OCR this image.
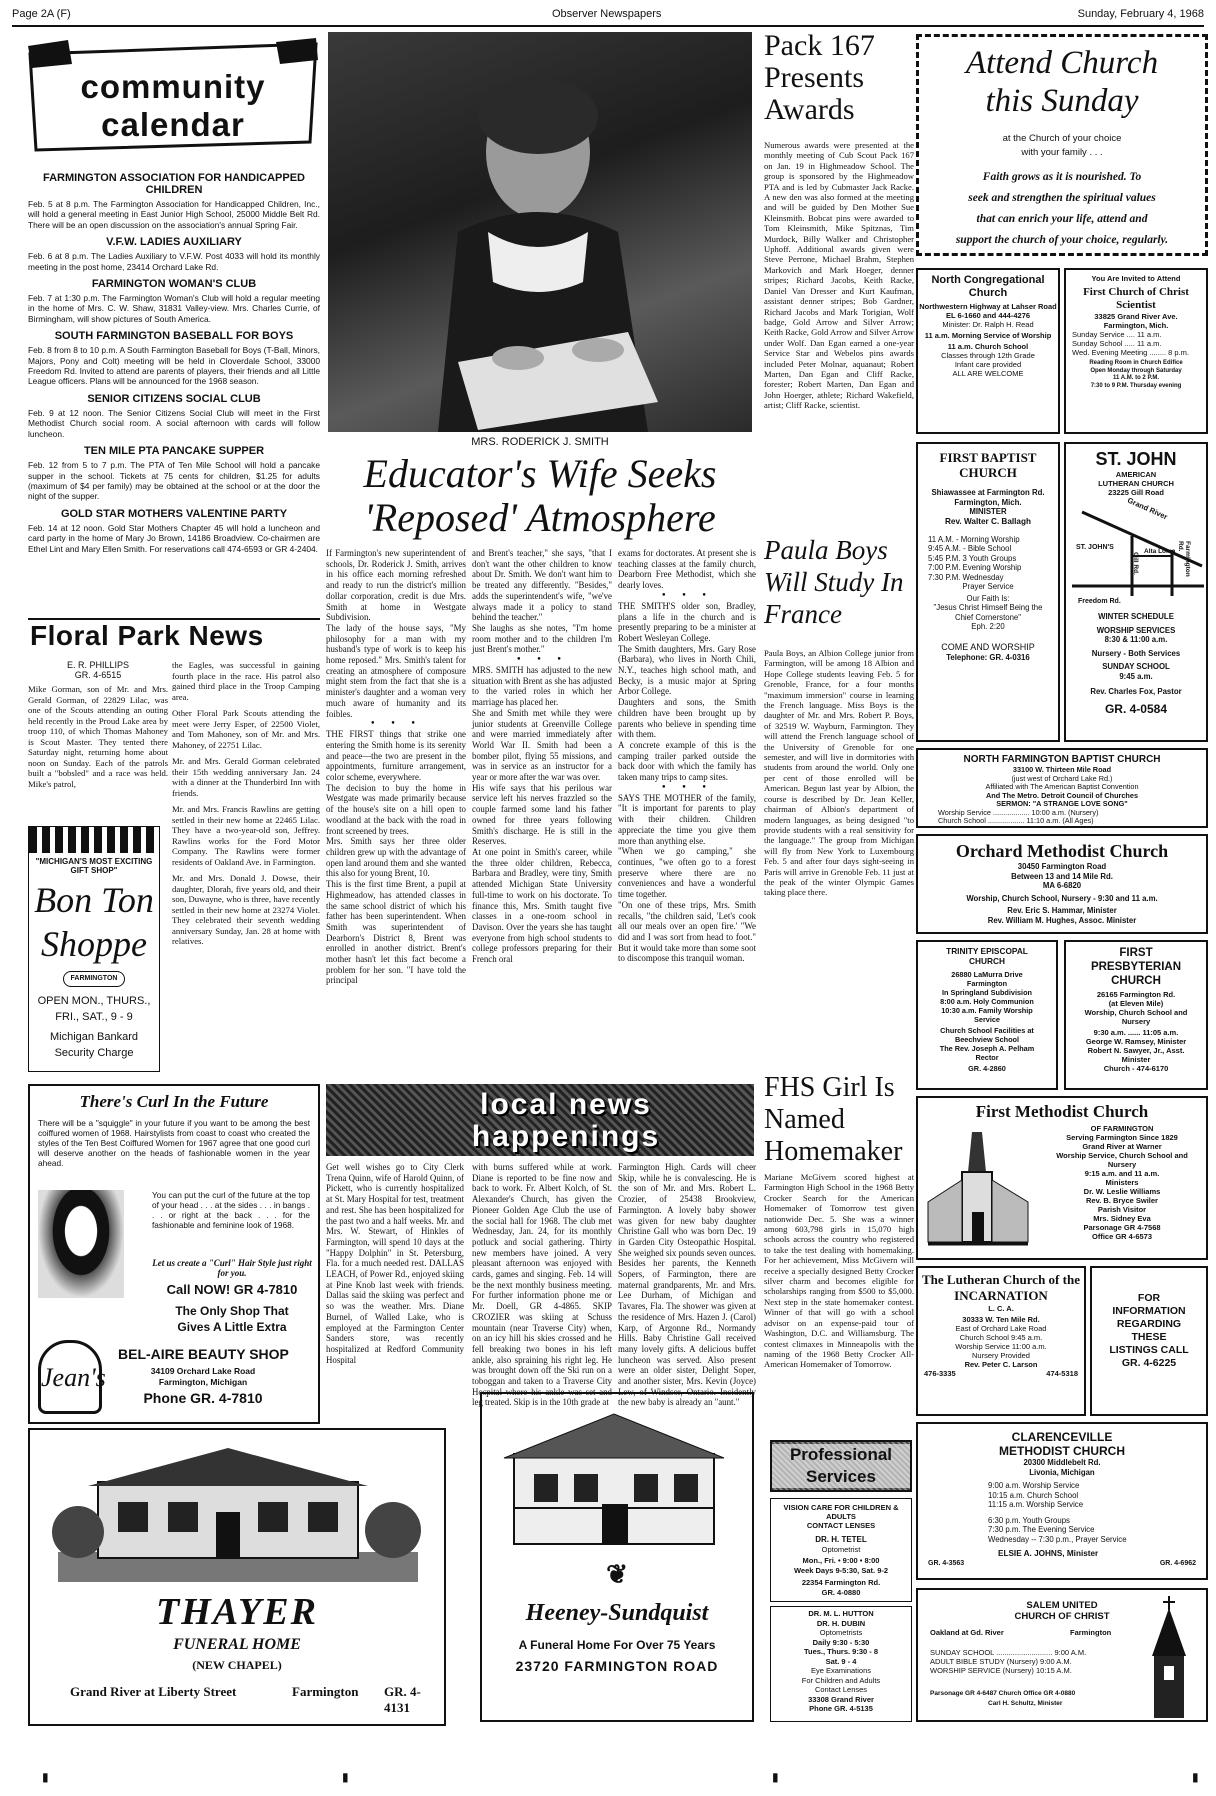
Page 2A (F)	Observer Newspapers	Sunday, February 4, 1968
community
calendar
FARMINGTON ASSOCIATION FOR HANDICAPPED CHILDREN
Feb. 5 at 8 p.m. The Farmington Association for Handicapped Children, Inc., will hold a general meeting in East Junior High School, 25000 Middle Belt Rd. There will be an open discussion on the association's annual Spring Fair.
V.F.W. LADIES AUXILIARY
Feb. 6 at 8 p.m. The Ladies Auxiliary to V.F.W. Post 4033 will hold its monthly meeting in the post home, 23414 Orchard Lake Rd.
FARMINGTON WOMAN'S CLUB
Feb. 7 at 1:30 p.m. The Farmington Woman's Club will hold a regular meeting in the home of Mrs. C. W. Shaw, 31831 Valley-view. Mrs. Charles Currie, of Birmingham, will show pictures of South America.
SOUTH FARMINGTON BASEBALL FOR BOYS
Feb. 8 from 8 to 10 p.m. A South Farmington Baseball for Boys (T-Ball, Minors, Majors, Pony and Colt) meeting will be held in Cloverdale School, 33000 Freedom Rd. Invited to attend are parents of players, their friends and all Little League officers. Plans will be announced for the 1968 season.
SENIOR CITIZENS SOCIAL CLUB
Feb. 9 at 12 noon. The Senior Citizens Social Club will meet in the First Methodist Church social room. A social afternoon with cards will follow luncheon.
TEN MILE PTA PANCAKE SUPPER
Feb. 12 from 5 to 7 p.m. The PTA of Ten Mile School will hold a pancake supper in the school. Tickets at 75 cents for children, $1.25 for adults (maximum of $4 per family) may be obtained at the school or at the door the night of the supper.
GOLD STAR MOTHERS VALENTINE PARTY
Feb. 14 at 12 noon. Gold Star Mothers Chapter 45 will hold a luncheon and card party in the home of Mary Jo Brown, 14186 Broadview. Co-chairmen are Ethel Lint and Mary Ellen Smith. For reservations call 474-6593 or GR 4-2404.
Floral Park News
E. R. PHILLIPS
GR. 4-6515
Mike Gorman, son of Mr. and Mrs. Gerald Gorman, of 22829 Lilac, was one of the Scouts attending an outing held recently in the Proud Lake area by troop 110, of which Thomas Mahoney is Scout Master. They tented there Saturday night, returning home about noon on Sunday. Each of the patrols built a "bobsled" and a race was held. Mike's patrol,
"MICHIGAN'S MOST EXCITING GIFT SHOP"
Bon Ton
Shoppe
FARMINGTON
OPEN MON., THURS.,
FRI., SAT., 9 - 9
Michigan Bankard
Security Charge
the Eagles, was successful in gaining fourth place in the race. His patrol also gained third place in the Troop Camping area.
Other Floral Park Scouts attending the meet were Jerry Esper, of 22500 Violet, and Tom Mahoney, son of Mr. and Mrs. Mahoney, of 22751 Lilac.
Mr. and Mrs. Gerald Gorman celebrated their 15th wedding anniversary Jan. 24 with a dinner at the Thunderbird Inn with friends.
Mr. and Mrs. Francis Rawlins are getting settled in their new home at 22465 Lilac. They have a two-year-old son, Jeffrey. Rawlins works for the Ford Motor Company. The Rawlins were former residents of Oakland Ave. in Farmington.
Mr. and Mrs. Donald J. Dowse, their daughter, Dlorah, five years old, and their son, Duwayne, who is three, have recently settled in their new home at 23274 Violet. They celebrated their seventh wedding anniversary Sunday, Jan. 28 at home with relatives.
There's Curl In the Future
There will be a "squiggle" in your future if you want to be among the best coiffured women of 1968. Hairstylists from coast to coast who created the styles of the Ten Best Coiffured Women for 1967 agree that one good curl will deserve another on the heads of fashionable women in the year ahead.
You can put the curl of the future at the top of your head . . . at the sides . . . in bangs . . . or right at the back . . . for the fashionable and feminine look of 1968.
Let us create a "Curl" Hair Style just right for you.
Call NOW! GR 4-7810
The Only Shop That
Gives A Little Extra
Jean's
BEL-AIRE BEAUTY SHOP
34109 Orchard Lake Road
Farmington, Michigan
Phone GR. 4-7810
THAYER
FUNERAL HOME
(NEW CHAPEL)
Grand River at Liberty Street	Farmington GR. 4-4131
MRS. RODERICK J. SMITH
Educator's Wife Seeks
'Reposed' Atmosphere
If Farmington's new superintendent of schools, Dr. Roderick J. Smith, arrives in his office each morning refreshed and ready to run the district's million dollar corporation, credit is due Mrs. Smith at home in Westgate Subdivision.
The lady of the house says, "My philosophy for a man with my husband's type of work is to keep his home reposed." Mrs. Smith's talent for creating an atmosphere of composure might stem from the fact that she is a minister's daughter and a woman very much aware of humanity and its foibles.
• • •
THE FIRST things that strike one entering the Smith home is its serenity and peace—the two are present in the appointments, furniture arrangement, color scheme, everywhere.
The decision to buy the home in Westgate was made primarily because of the house's site on a hill open to woodland at the back with the road in front screened by trees.
Mrs. Smith says her three older children grew up with the advantage of open land around them and she wanted this also for young Brent, 10.
This is the first time Brent, a pupil at Highmeadow, has attended classes in the same school district of which his father has been superintendent. When Smith was superintendent of Dearborn's District 8, Brent was enrolled in another district. Brent's mother hasn't let this fact become a problem for her son. "I have told the principal
and Brent's teacher," she says, "that I don't want the other children to know about Dr. Smith. We don't want him to be treated any differently. "Besides," adds the superintendent's wife, "we've always made it a policy to stand behind the teacher."
She laughs as she notes, "I'm home room mother and to the children I'm just Brent's mother."
• • •
MRS. SMITH has adjusted to the new situation with Brent as she has adjusted to the varied roles in which her marriage has placed her.
She and Smith met while they were junior students at Greenville College and were married immediately after World War II. Smith had been a bomber pilot, flying 55 missions, and was in service as an instructor for a year or more after the war was over.
His wife says that his perilous war service left his nerves frazzled so the couple farmed some land his father owned for three years following Smith's discharge. He is still in the Reserves.
At one point in Smith's career, while the three older children, Rebecca, Barbara and Bradley, were tiny, Smith attended Michigan State University full-time to work on his doctorate. To finance this, Mrs. Smith taught five classes in a one-room school in Davison. Over the years she has taught everyone from high school students to college professors preparing for their French oral
exams for doctorates. At present she is teaching classes at the family church, Dearborn Free Methodist, which she dearly loves.
• • •
THE SMITH'S older son, Bradley, plans a life in the church and is presently preparing to be a minister at Robert Wesleyan College.
The Smith daughters, Mrs. Gary Rose (Barbara), who lives in North Chili, N.Y., teaches high school math, and Becky, is a music major at Spring Arbor College.
Daughters and sons, the Smith children have been brought up by parents who believe in spending time with them.
A concrete example of this is the camping trailer parked outside the back door with which the family has taken many trips to camp sites.
• • •
SAYS THE MOTHER of the family, "It is important for parents to play with their children. Children appreciate the time you give them more than anything else.
"When we go camping," she continues, "we often go to a forest preserve where there are no conveniences and have a wonderful time together.
"On one of these trips, Mrs. Smith recalls, "the children said, 'Let's cook all our meals over an open fire.' "We did and I was sort from head to foot." But it would take more than some soot to discompose this tranquil woman.
local news
happenings
Get well wishes go to City Clerk Trena Quinn, wife of Harold Quinn, of Pickett, who is currently hospitalized at St. Mary Hospital for test, treatment and rest. She has been hospitalized for the past two and a half weeks. Mr. and Mrs. W. Stewart, of Hinkles of Farmington, will spend 10 days at the "Happy Dolphin" in St. Petersburg, Fla. for a much needed rest. DALLAS LEACH, of Power Rd., enjoyed skiing at Pine Knob last week with friends. Dallas said the skiing was perfect and so was the weather. Mrs. Diane Burnel, of Walled Lake, who is employed at the Farmington Center Sanders store, was recently hospitalized at Redford Community Hospital
with burns suffered while at work. Diane is reported to be fine now and back to work. Fr. Albert Kolch, of St. Alexander's Church, has given the Pioneer Golden Age Club the use of the social hall for 1968. The club met Wednesday, Jan. 24, for its monthly potluck and social gathering. Thirty new members have joined. A very pleasant afternoon was enjoyed with cards, games and singing. Feb. 14 will be the next monthly business meeting. For further information phone me or Mr. Doell, GR 4-4865. SKIP CROZIER was skiing at Schuss mountain (near Traverse City) when, on an icy hill his skies crossed and he fell breaking two bones in his left ankle, also spraining his right leg. He was brought down off the Ski run on a toboggan and taken to a Traverse City Hospital where his ankle was set and leg treated. Skip is in the 10th grade at
Farmington High. Cards will cheer Skip, while he is convalescing. He is the son of Mr. and Mrs. Robert L. Crozier, of 25438 Brookview, Farmington. A lovely baby shower was given for new baby daughter Christine Gall who was born Dec. 19 in Garden City Osteopathic Hospital. She weighed six pounds seven ounces. Besides her parents, the Kenneth Sopers, of Farmington, there are maternal grandparents, Mr. and Mrs. Lee Durham, of Michigan and Tavares, Fla. The shower was given at the residence of Mrs. Hazen J. (Carol) Karp, of Argonne Rd., Normandy Hills. Baby Christine Gall received many lovely gifts. A delicious buffet luncheon was served. Also present were an older sister, Delight Soper, and another sister, Mrs. Kevin (Joyce) Lew, of Windsor, Ontario. Incidently the new baby is already an "aunt."
❦
Heeney-Sundquist
A Funeral Home For Over 75 Years
23720 FARMINGTON ROAD
Pack 167 Presents Awards
Numerous awards were presented at the monthly meeting of Cub Scout Pack 167 on Jan. 19 in Highmeadow School. The group is sponsored by the Highmeadow PTA and is led by Cubmaster Jack Racke. A new den was also formed at the meeting and will be guided by Den Mother Sue Kleinsmith. Bobcat pins were awarded to Tom Kleinsmith, Mike Spitznas, Tim Murdock, Billy Walker and Christopher Uphoff. Additional awards given were Steve Perrone, Michael Brahm, Stephen Markovich and Mark Hoeger, denner stripes; Richard Jacobs, Keith Racke, Daniel Van Dresser and Kurt Kaufman, assistant denner stripes; Bob Gardner, Richard Jacobs and Mark Torigian, Wolf badge, Gold Arrow and Silver Arrow; Keith Racke, Gold Arrow and Silver Arrow under Wolf. Dan Egan earned a one-year Service Star and Webelos pins awards included Peter Molnar, aquanaut; Robert Marten, Dan Egan and Cliff Racke, forester; Robert Marten, Dan Egan and John Hoerger, athlete; Richard Wakefield, artist; Cliff Racke, scientist.
Paula Boys Will Study In France
Paula Boys, an Albion College junior from Farmington, will be among 18 Albion and Hope College students leaving Feb. 5 for Grenoble, France, for a four months "maximum immersion" course in learning the French language. Miss Boys is the daughter of Mr. and Mrs. Robert P. Boys, of 32519 W. Wayburn, Farmington. They will attend the French language school of the University of Grenoble for one semester, and will live in dormitories with students from around the world. Only one per cent of those enrolled will be American. Begun last year by Albion, the course is described by Dr. Jean Keller, chairman of Albion's department of modern languages, as being designed "to provide students with a real sensitivity for the language." The group from Michigan will fly from New York to Luxembourg Feb. 5 and after four days sight-seeing in Paris will arrive in Grenoble Feb. 11 just at the peak of the winter Olympic Games taking place there.
FHS Girl Is Named Homemaker
Mariane McGivern scored highest at Farmington High School in the 1968 Betty Crocker Search for the American Homemaker of Tomorrow test given nationwide Dec. 5. She was a winner among 603,798 girls in 15,070 high schools across the country who registered to take the test dealing with homemaking. For her achievement, Miss McGivern will receive a specially designed Betty Crocker silver charm and becomes eligible for scholarships ranging from $500 to $5,000. Next step in the state homemaker contest. Winner of that will go with a school advisor on an expense-paid tour of Washington, D.C. and Williamsburg. The contest climaxes in Minneapolis with the naming of the 1968 Betty Crocker All-American Homemaker of Tomorrow.
Professional Services
VISION CARE FOR CHILDREN & ADULTS
CONTACT LENSES
DR. H. TETEL
Optometrist
Mon., Fri. • 9:00 • 8:00
Week Days 9-5:30, Sat. 9-2
22354 Farmington Rd.
GR. 4-0880
DR. M. L. HUTTON
DR. H. DUBIN
Optometrists
Daily 9:30 - 5:30
Tues., Thurs. 9:30 - 8
Sat. 9 - 4
Eye Examinations
For Children and Adults
Contact Lenses
33308 Grand River
Phone GR. 4-5135
Attend Church
this Sunday
at the Church of your choice
with your family . . .
Faith grows as it is nourished. To
seek and strengthen the spiritual values
that can enrich your life, attend and
support the church of your choice, regularly.
North Congregational Church
Northwestern Highway at Lahser Road
EL 6-1660 and 444-4276
Minister: Dr. Ralph H. Read
11 a.m. Morning Service of Worship
11 a.m. Church School
Classes through 12th Grade
Infant care provided
ALL ARE WELCOME
You Are Invited to Attend
First Church of Christ Scientist
33825 Grand River Ave.
Farmington, Mich.
Sunday Service .... 11 a.m.
Sunday School ..... 11 a.m.
Wed. Evening Meeting ........ 8 p.m.
Reading Room in Church Edifice
Open Monday through Saturday
11 A.M. to 2 P.M.
7:30 to 9 P.M. Thursday evening
FIRST BAPTIST CHURCH
Shiawassee at Farmington Rd.
Farmington, Mich.
MINISTER
Rev. Walter C. Ballagh
11 A.M. - Morning Worship
9:45 A.M. - Bible School
5:45 P.M. 3 Youth Groups
7:00 P.M. Evening Worship
7:30 P.M. Wednesday
Prayer Service
Our Faith Is:
"Jesus Christ Himself Being the Chief Cornerstone"
Eph. 2:20
COME AND WORSHIP
Telephone: GR. 4-0316
ST. JOHN
AMERICAN LUTHERAN CHURCH
23225 Gill Road
Grand River
ST. JOHN'S
Gill Rd.
Alta Loma	Farmington Rd.
Freedom Rd.
WINTER SCHEDULE
WORSHIP SERVICES
8:30 & 11:00 a.m.
Nursery - Both Services
SUNDAY SCHOOL
9:45 a.m.
Rev. Charles Fox, Pastor
GR. 4-0584
NORTH FARMINGTON BAPTIST CHURCH
33100 W. Thirteen Mile Road
(just west of Orchard Lake Rd.)
Affiliated with The American Baptist Convention
And The Metro. Detroit Council of Churches
SERMON: "A STRANGE LOVE SONG"
Worship Service .................. 10:00 a.m. (Nursery)
Church School .................. 11:10 a.m. (All Ages)
Orchard Methodist Church
30450 Farmington Road
Between 13 and 14 Mile Rd.
MA 6-6820
Worship, Church School, Nursery - 9:30 and 11 a.m.
Rev. Eric S. Hammar, Minister
Rev. William M. Hughes, Assoc. Minister
TRINITY EPISCOPAL CHURCH
26880 LaMurra Drive
Farmington
In Springland Subdivision
8:00 a.m. Holy Communion
10:30 a.m. Family Worship Service
Church School Facilities at Beechview School
The Rev. Joseph A. Pelham
Rector
GR. 4-2860
FIRST PRESBYTERIAN CHURCH
26165 Farmington Rd.
(at Eleven Mile)
Worship, Church School and Nursery
9:30 a.m. ...... 11:05 a.m.
George W. Ramsey, Minister
Robert N. Sawyer, Jr., Asst. Minister
Church - 474-6170
First Methodist Church
OF FARMINGTON
Serving Farmington Since 1829
Grand River at Warner
Worship Service, Church School and Nursery
9:15 a.m. and 11 a.m.
Ministers
Dr. W. Leslie Williams
Rev. B. Bryce Swiler
Parish Visitor
Mrs. Sidney Eva
Parsonage GR 4-7568
Office GR 4-6573
The Lutheran Church of the INCARNATION
L. C. A.
30333 W. Ten Mile Rd.
East of Orchard Lake Road
Church School 9:45 a.m.
Worship Service 11:00 a.m.
Nursery Provided
Rev. Peter C. Larson
476-3335	474-5318
FOR INFORMATION REGARDING THESE LISTINGS CALL
GR. 4-6225
CLARENCEVILLE METHODIST CHURCH
20300 Middlebelt Rd.
Livonia, Michigan
9:00 a.m. Worship Service
10:15 a.m. Church School
11:15 a.m. Worship Service
6:30 p.m. Youth Groups
7:30 p.m. The Evening Service
Wednesday -- 7:30 p.m., Prayer Service
ELSIE A. JOHNS, Minister
GR. 4-3563	GR. 4-6962
SALEM UNITED CHURCH OF CHRIST
Oakland at Gd. River	Farmington
SUNDAY SCHOOL ........................... 9:00 A.M.
ADULT BIBLE STUDY (Nursery) 9:00 A.M.
WORSHIP SERVICE (Nursery) 10:15 A.M.
Parsonage GR 4-6487 Church Office GR 4-0880
Carl H. Schultz, Minister
▮	▮	▮	▮
